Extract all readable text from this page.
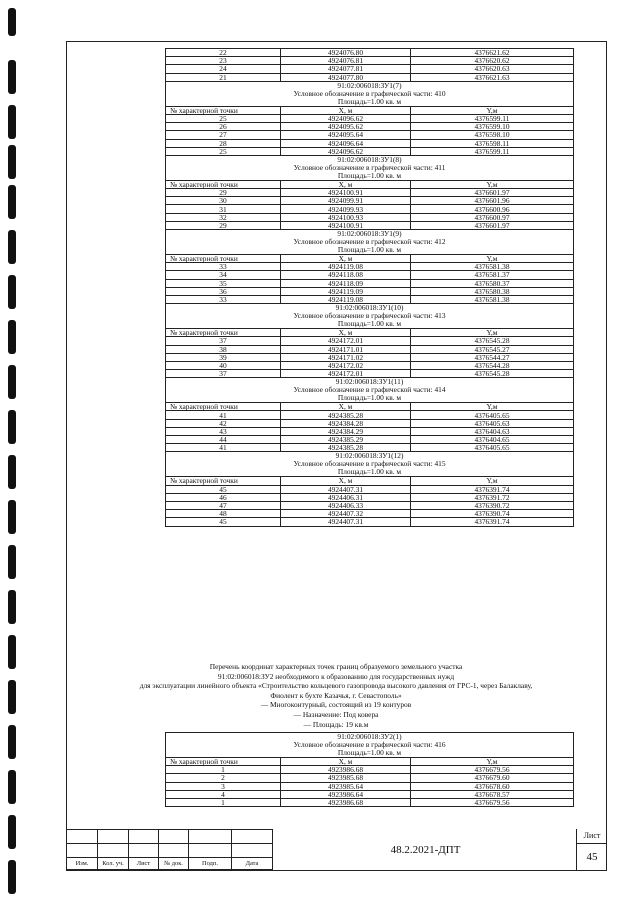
22	4924076.80	4376621.62
23	4924076.81	4376620.62
24	4924077.81	4376620.63
21	4924077.80	4376621.63

91:02:006018:ЗУ1(7)
Условное обозначение в графической части: 410
Площадь=1.00 кв. м		

№ характерной точки	X, м	Y,м
25	4924096.62	4376599.11
26	4924095.62	4376599.10
27	4924095.64	4376598.10
28	4924096.64	4376598.11
25	4924096.62	4376599.11

91:02:006018:ЗУ1(8)
Условное обозначение в графической части: 411
Площадь=1.00 кв. м		

№ характерной точки	X, м	Y,м
29	4924100.91	4376601.97
30	4924099.91	4376601.96
31	4924099.93	4376600.96
32	4924100.93	4376600.97
29	4924100.91	4376601.97

91:02:006018:ЗУ1(9)
Условное обозначение в графической части: 412
Площадь=1.00 кв. м		

№ характерной точки	X, м	Y,м
33	4924119.08	4376581.38
34	4924118.08	4376581.37
35	4924118.09	4376580.37
36	4924119.09	4376580.38
33	4924119.08	4376581.38

91:02:006018:ЗУ1(10)
Условное обозначение в графической части: 413
Площадь=1.00 кв. м		

№ характерной точки	X, м	Y,м
37	4924172.01	4376545.28
38	4924171.01	4376545.27
39	4924171.02	4376544.27
40	4924172.02	4376544.28
37	4924172.01	4376545.28

91:02:006018:ЗУ1(11)
Условное обозначение в графической части: 414
Площадь=1.00 кв. м		

№ характерной точки	X, м	Y,м
41	4924385.28	4376405.65
42	4924384.28	4376405.63
43	4924384.29	4376404.63
44	4924385.29	4376404.65
41	4924385.28	4376405.65

91:02:006018:ЗУ1(12)
Условное обозначение в графической части: 415
Площадь=1.00 кв. м		

№ характерной точки	X, м	Y,м
45	4924407.31	4376391.74
46	4924406.31	4376391.72
47	4924406.33	4376390.72
48	4924407.32	4376390.74
45	4924407.31	4376391.74
Перечень координат характерных точек границ образуемого земельного участка
91:02:006018:ЗУ2 необходимого к образованию для государственных нужд
для эксплуатации линейного объекта «Строительство кольцевого газопровода высокого давления от ГРС-1, через Балаклаву,
Фиолент к бухте Казачья, г. Севастополь»
— Многоконтурный, состоящий из 19 контуров
— Назначение: Под ковера
— Площадь: 19 кв.м
91:02:006018:ЗУ2(1)
Условное обозначение в графической части: 416
Площадь=1.00 кв. м		

№ характерной точки	X, м	Y,м
1	4923986.68	4376679.56
2	4923985.68	4376679.60
3	4923985.64	4376678.60
4	4923986.64	4376678.57
1	4923986.68	4376679.56

Изм.	Кол. уч.	Лист	№ док.	Подп.	Дата
48.2.2021-ДПТ
Лист
45
